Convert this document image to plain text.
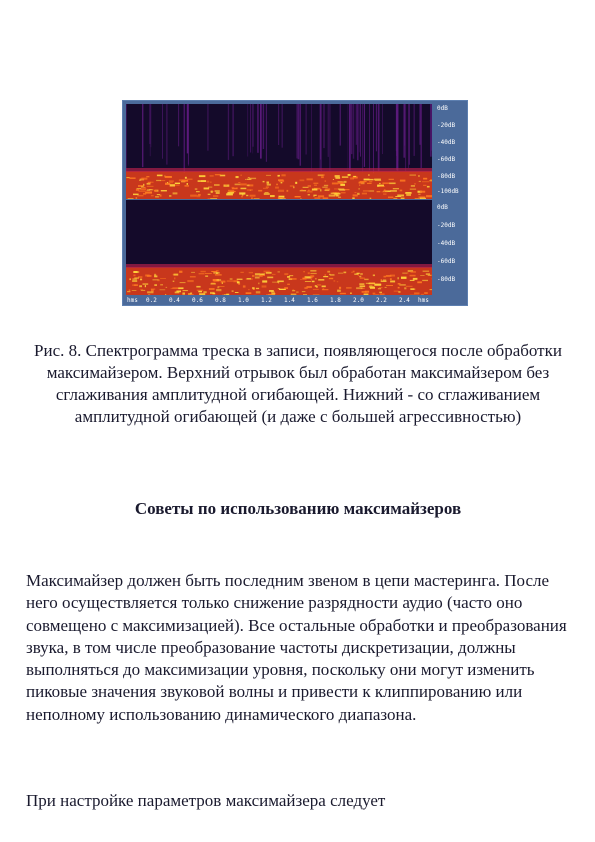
0dB
-20dB
-40dB
-60dB
-80dB
-100dB
0dB
-20dB
-40dB
-60dB
-80dB
hms 0.2 0.4 0.6 0.8 1.0 1.2 1.4 1.6 1.8 2.0 2.2 2.4 hms

Рис. 8. Спектрограмма треска в записи, появляющегося после обработки максимайзером. Верхний отрывок был обработан максимайзером без сглаживания амплитудной огибающей. Нижний - со сглаживанием амплитудной огибающей (и даже с большей агрессивностью)

Советы по использованию максимайзеров

Максимайзер должен быть последним звеном в цепи мастеринга. После него осуществляется только снижение разрядности аудио (часто оно совмещено с максимизацией). Все остальные обработки и преобразования звука, в том числе преобразование частоты дискретизации, должны выполняться до максимизации уровня, поскольку они могут изменить пиковые значения звуковой волны и привести к клиппированию или неполному использованию динамического диапазона.

При настройке параметров максимайзера следует
